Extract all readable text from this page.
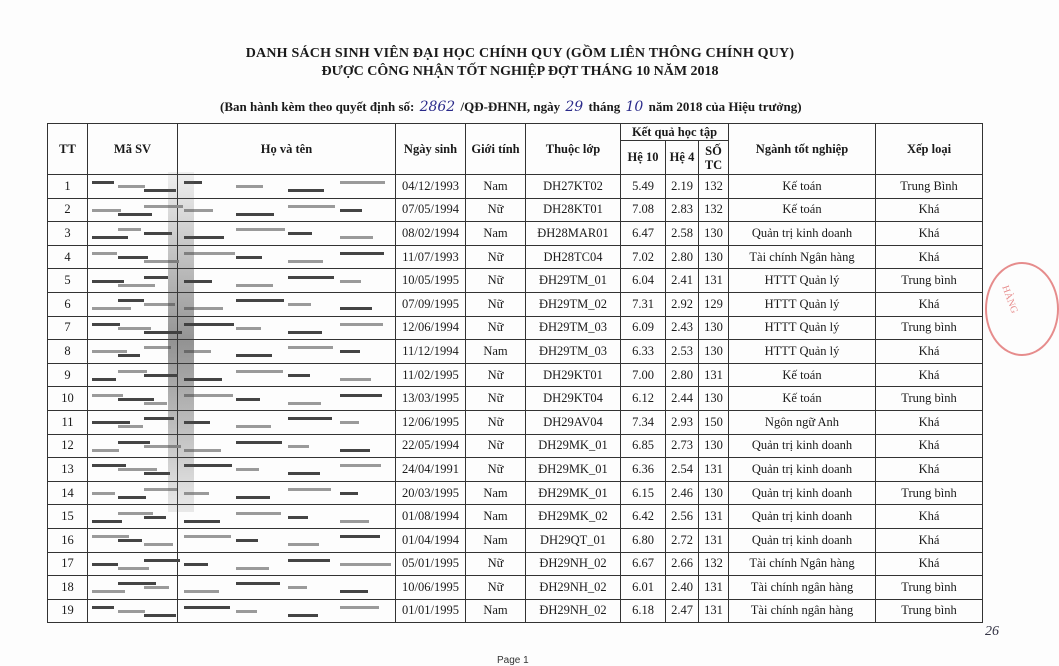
DANH SÁCH SINH VIÊN ĐẠI HỌC CHÍNH QUY (GỒM LIÊN THÔNG CHÍNH QUY)
ĐƯỢC CÔNG NHẬN TỐT NGHIỆP ĐỢT THÁNG 10 NĂM 2018
(Ban hành kèm theo quyết định số: 2862 /QĐ-ĐHNH, ngày 29 tháng 10 năm 2018 của Hiệu trưởng)
TT	Mã SV	Họ và tên	Ngày sinh	Giới tính	Thuộc lớp	Kết quả học tập			Ngành tốt nghiệp	Xếp loại
						Hệ 10	Hệ 4	SỐ TC		
1			04/12/1993	Nam	DH27KT02	5.49	2.19	132	Kế toán	Trung Bình
2			07/05/1994	Nữ	DH28KT01	7.08	2.83	132	Kế toán	Khá
3			08/02/1994	Nam	ĐH28MAR01	6.47	2.58	130	Quản trị kinh doanh	Khá
4			11/07/1993	Nữ	DH28TC04	7.02	2.80	130	Tài chính Ngân hàng	Khá
5			10/05/1995	Nữ	ĐH29TM_01	6.04	2.41	131	HTTT Quản lý	Trung bình
6			07/09/1995	Nữ	ĐH29TM_02	7.31	2.92	129	HTTT Quản lý	Khá
7			12/06/1994	Nữ	ĐH29TM_03	6.09	2.43	130	HTTT Quản lý	Trung bình
8			11/12/1994	Nam	ĐH29TM_03	6.33	2.53	130	HTTT Quản lý	Khá
9			11/02/1995	Nữ	DH29KT01	7.00	2.80	131	Kế toán	Khá
10			13/03/1995	Nữ	DH29KT04	6.12	2.44	130	Kế toán	Trung bình
11			12/06/1995	Nữ	DH29AV04	7.34	2.93	150	Ngôn ngữ Anh	Khá
12			22/05/1994	Nữ	DH29MK_01	6.85	2.73	130	Quản trị kinh doanh	Khá
13			24/04/1991	Nữ	ĐH29MK_01	6.36	2.54	131	Quản trị kinh doanh	Khá
14			20/03/1995	Nam	ĐH29MK_01	6.15	2.46	130	Quản trị kinh doanh	Trung bình
15			01/08/1994	Nam	ĐH29MK_02	6.42	2.56	131	Quản trị kinh doanh	Khá
16			01/04/1994	Nam	DH29QT_01	6.80	2.72	131	Quản trị kinh doanh	Khá
17			05/01/1995	Nữ	ĐH29NH_02	6.67	2.66	132	Tài chính Ngân hàng	Khá
18			10/06/1995	Nữ	ĐH29NH_02	6.01	2.40	131	Tài chính ngân hàng	Trung bình
19			01/01/1995	Nam	ĐH29NH_02	6.18	2.47	131	Tài chính ngân hàng	Trung bình
HÀNG
26
Page 1
